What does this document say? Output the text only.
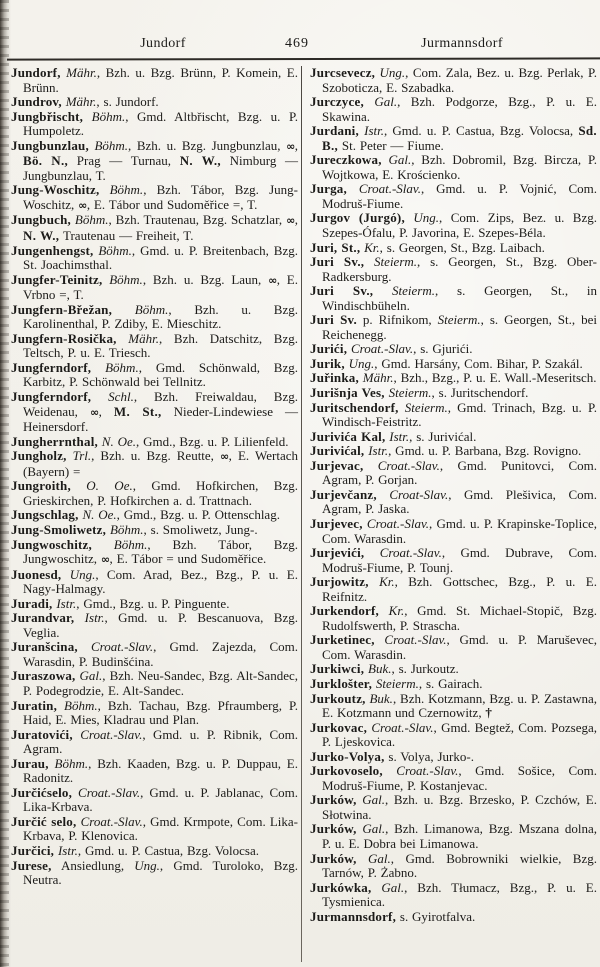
Jundorf	469	Jurmannsdorf

Jundorf, Mähr., Bzh. u. Bzg. Brünn, P. Komein, E. Brünn.

Jundrov, Mähr., s. Jundorf.

Jungbřischt, Böhm., Gmd. Altbřischt, Bzg. u. P. Humpoletz.

Jungbunzlau, Böhm., Bzh. u. Bzg. Jungbunzlau, ∞, Bö. N., Prag — Turnau, N. W., Nimburg — Jungbunzlau, T.

Jung-Woschitz, Böhm., Bzh. Tábor, Bzg. Jung-Woschitz, ∞, E. Tábor und Sudoměřice =, T.

Jungbuch, Böhm., Bzh. Trautenau, Bzg. Schatzlar, ∞, N. W., Trautenau — Freiheit, T.

Jungenhengst, Böhm., Gmd. u. P. Breitenbach, Bzg. St. Joachimsthal.

Jungfer-Teinitz, Böhm., Bzh. u. Bzg. Laun, ∞, E. Vrbno =, T.

Jungfern-Břežan, Böhm., Bzh. u. Bzg. Karolinenthal, P. Zdiby, E. Mieschitz.

Jungfern-Rosička, Mähr., Bzh. Datschitz, Bzg. Teltsch, P. u. E. Triesch.

Jungferndorf, Böhm., Gmd. Schönwald, Bzg. Karbitz, P. Schönwald bei Tellnitz.

Jungferndorf, Schl., Bzh. Freiwaldau, Bzg. Weidenau, ∞, M. St., Nieder-Lindewiese — Heinersdorf.

Jungherrnthal, N. Oe., Gmd., Bzg. u. P. Lilienfeld.

Jungholz, Trl., Bzh. u. Bzg. Reutte, ∞, E. Wertach (Bayern) =

Jungroith, O. Oe., Gmd. Hofkirchen, Bzg. Grieskirchen, P. Hofkirchen a. d. Trattnach.

Jungschlag, N. Oe., Gmd., Bzg. u. P. Ottenschlag.

Jung-Smoliwetz, Böhm., s. Smoliwetz, Jung-.

Jungwoschitz, Böhm., Bzh. Tábor, Bzg. Jungwoschitz, ∞, E. Tábor = und Sudoměřice.

Juonesd, Ung., Com. Arad, Bez., Bzg., P. u. E. Nagy-Halmagy.

Juradi, Istr., Gmd., Bzg. u. P. Pinguente.

Jurandvar, Istr., Gmd. u. P. Bescanuova, Bzg. Veglia.

Juranšcina, Croat.-Slav., Gmd. Zajezda, Com. Warasdin, P. Budinšćina.

Juraszowa, Gal., Bzh. Neu-Sandec, Bzg. Alt-Sandec, P. Podegrodzie, E. Alt-Sandec.

Juratin, Böhm., Bzh. Tachau, Bzg. Pfraumberg, P. Haid, E. Mies, Kladrau und Plan.

Juratovići, Croat.-Slav., Gmd. u. P. Ribnik, Com. Agram.

Jurau, Böhm., Bzh. Kaaden, Bzg. u. P. Duppau, E. Radonitz.

Jurčićselo, Croat.-Slav., Gmd. u. P. Jablanac, Com. Lika-Krbava.

Jurčić selo, Croat.-Slav., Gmd. Krmpote, Com. Lika-Krbava, P. Klenovica.

Jurčici, Istr., Gmd. u. P. Castua, Bzg. Volocsa.

Jurese, Ansiedlung, Ung., Gmd. Turoloko, Bzg. Neutra.

Jurcsevecz, Ung., Com. Zala, Bez. u. Bzg. Perlak, P. Szoboticza, E. Szabadka.

Jurczyce, Gal., Bzh. Podgorze, Bzg., P. u. E. Skawina.

Jurdani, Istr., Gmd. u. P. Castua, Bzg. Volocsa, Sd. B., St. Peter — Fiume.

Jureczkowa, Gal., Bzh. Dobromil, Bzg. Bircza, P. Wojtkowa, E. Krościenko.

Jurga, Croat.-Slav., Gmd. u. P. Vojnić, Com. Modruš-Fiume.

Jurgov (Jurgó), Ung., Com. Zips, Bez. u. Bzg. Szepes-Ófalu, P. Javorina, E. Szepes-Béla.

Juri, St., Kr., s. Georgen, St., Bzg. Laibach.

Juri Sv., Steierm., s. Georgen, St., Bzg. Ober-Radkersburg.

Juri Sv., Steierm., s. Georgen, St., in Windischbüheln.

Juri Sv. p. Rifnikom, Steierm., s. Georgen, St., bei Reichenegg.

Jurići, Croat.-Slav., s. Gjurići.

Jurik, Ung., Gmd. Harsány, Com. Bihar, P. Szakál.

Juřinka, Mähr., Bzh., Bzg., P. u. E. Wall.-Meseritsch.

Jurišnja Ves, Steierm., s. Juritschendorf.

Juritschendorf, Steierm., Gmd. Trinach, Bzg. u. P. Windisch-Feistritz.

Jurivića Kal, Istr., s. Jurivićal.

Jurivićal, Istr., Gmd. u. P. Barbana, Bzg. Rovigno.

Jurjevac, Croat.-Slav., Gmd. Punitovci, Com. Agram, P. Gorjan.

Jurjevčanz, Croat-Slav., Gmd. Plešivica, Com. Agram, P. Jaska.

Jurjevec, Croat.-Slav., Gmd. u. P. Krapinske-Toplice, Com. Warasdin.

Jurjevići, Croat.-Slav., Gmd. Dubrave, Com. Modruš-Fiume, P. Tounj.

Jurjowitz, Kr., Bzh. Gottschec, Bzg., P. u. E. Reifnitz.

Jurkendorf, Kr., Gmd. St. Michael-Stopič, Bzg. Rudolfswerth, P. Strascha.

Jurketinec, Croat.-Slav., Gmd. u. P. Maruševec, Com. Warasdin.

Jurkiwci, Buk., s. Jurkoutz.

Jurklošter, Steierm., s. Gairach.

Jurkoutz, Buk., Bzh. Kotzmann, Bzg. u. P. Zastawna, E. Kotzmann und Czernowitz, †

Jurkovac, Croat.-Slav., Gmd. Begtež, Com. Pozsega, P. Ljeskovica.

Jurko-Volya, s. Volya, Jurko-.

Jurkovoselo, Croat.-Slav., Gmd. Sošice, Com. Modruš-Fiume, P. Kostanjevac.

Jurków, Gal., Bzh. u. Bzg. Brzesko, P. Czchów, E. Słotwina.

Jurków, Gal., Bzh. Limanowa, Bzg. Mszana dolna, P. u. E. Dobra bei Limanowa.

Jurków, Gal., Gmd. Bobrowniki wielkie, Bzg. Tarnów, P. Żabno.

Jurkówka, Gal., Bzh. Tłumacz, Bzg., P. u. E. Tysmienica.

Jurmannsdorf, s. Gyirotfalva.
